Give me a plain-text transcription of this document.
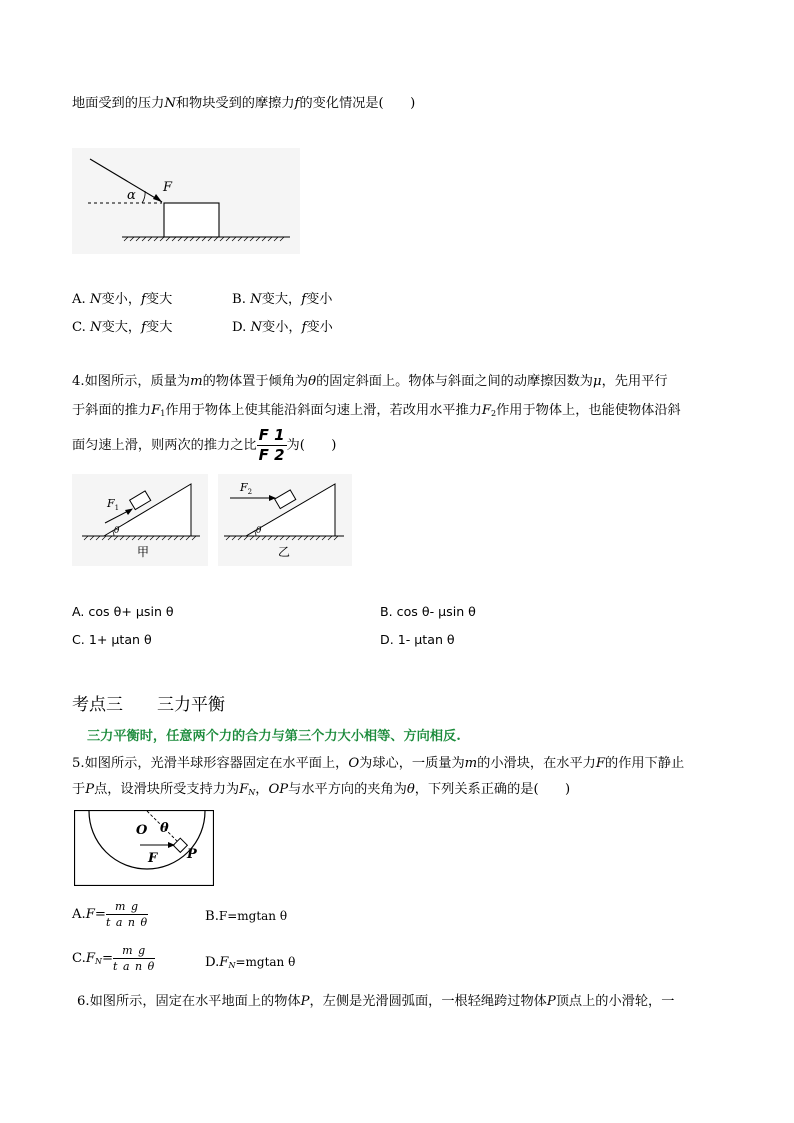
地面受到的压力N和物块受到的摩擦力f的变化情况是(　　)
α
F
A. N变小，f变大	B. N变大，f变小
C. N变大，f变大	D. N变小，f变小
4.如图所示，质量为m的物体置于倾角为θ的固定斜面上。物体与斜面之间的动摩擦因数为μ，先用平行
于斜面的推力$F_1$作用于物体上使其能沿斜面匀速上滑，若改用水平推力$F_2$作用于物体上，也能使物体沿斜
面匀速上滑，则两次的推力之比 $\frac{F 1}{F 2}$ 为(　　)
$F_1$
θ
甲
$F_2$
θ
乙
A. cos θ+ μsin θ	B. cos θ- μsin θ
C. 1+ μtan θ	D. 1- μtan θ
考点三　　三力平衡
三力平衡时，任意两个力的合力与第三个力大小相等、方向相反.
5.如图所示，光滑半球形容器固定在水平面上，O为球心，一质量为m的小滑块，在水平力F的作用下静止
于P点，设滑块所受支持力为$F_N$，OP与水平方向的夹角为θ，下列关系正确的是(　　)
O θ
F P
$A.F= \frac{\text{m g}}{\text{t a n θ}}$	B.F=mgtan θ
$C.F_N= \frac{\text{m g}}{\text{t a n θ}}$	$D.F_N=mgtan$ θ
6.如图所示，固定在水平地面上的物体P，左侧是光滑圆弧面，一根轻绳跨过物体P顶点上的小滑轮，一
